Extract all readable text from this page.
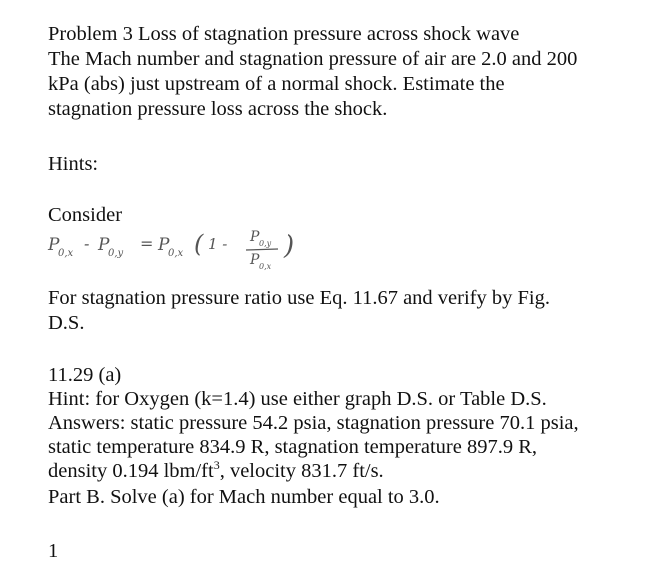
Problem 3 Loss of stagnation pressure across shock wave
The Mach number and stagnation pressure of air are 2.0 and 200
kPa (abs) just upstream of a normal shock. Estimate the
stagnation pressure loss across the shock.
Hints:
Consider
P
0,x
- P
0,y
= P
0,x ( 1 - P 0,y
P 0,x
)
For stagnation pressure ratio use Eq. 11.67 and verify by Fig.
D.S.
11.29 (a)
Hint: for Oxygen (k=1.4) use either graph D.S. or Table D.S.
Answers: static pressure 54.2 psia, stagnation pressure 70.1 psia,
static temperature 834.9 R, stagnation temperature 897.9 R,
density 0.194 lbm/$ft^3$, velocity 831.7 ft/s.
Part B. Solve (a) for Mach number equal to 3.0.
1
